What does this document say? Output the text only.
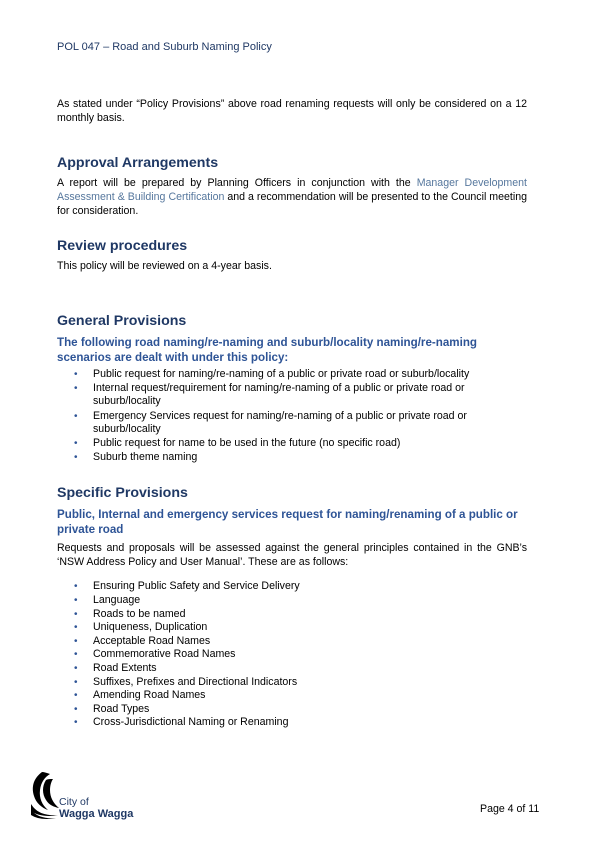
POL 047 – Road and Suburb Naming Policy

As stated under “Policy Provisions” above road renaming requests will only be considered on a 12 monthly basis.

Approval Arrangements

A report will be prepared by Planning Officers in conjunction with the Manager Development Assessment & Building Certification and a recommendation will be presented to the Council meeting for consideration.

Review procedures

This policy will be reviewed on a 4-year basis.

General Provisions
The following road naming/re-naming and suburb/locality naming/re-naming scenarios are dealt with under this policy:
• Public request for naming/re-naming of a public or private road or suburb/locality
• Internal request/requirement for naming/re-naming of a public or private road or suburb/locality
• Emergency Services request for naming/re-naming of a public or private road or suburb/locality
• Public request for name to be used in the future (no specific road)
• Suburb theme naming
Specific Provisions
Public, Internal and emergency services request for naming/renaming of a public or private road

Requests and proposals will be assessed against the general principles contained in the GNB’s ‘NSW Address Policy and User Manual’. These are as follows:

• Ensuring Public Safety and Service Delivery
• Language
• Roads to be named
• Uniqueness, Duplication
• Acceptable Road Names
• Commemorative Road Names
• Road Extents
• Suffixes, Prefixes and Directional Indicators
• Amending Road Names
• Road Types
• Cross-Jurisdictional Naming or Renaming
City of
Wagga Wagga	Page 4 of 11
